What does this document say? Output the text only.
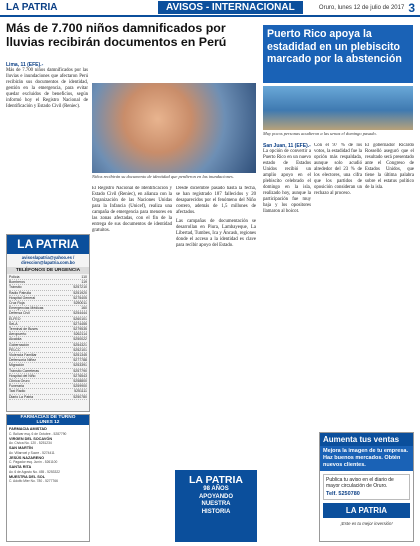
LA PATRIA	AVISOS - INTERNACIONAL	Oruro, lunes 12 de julio de 2017 3
Más de 7.700 niños damnificados por lluvias recibirán documentos en Perú
Lima, 11 (EFE).-

Más de 7.700 niños damnificados por las lluvias e inundaciones que afectaron Perú recibirán sus documentos de identidad, gestión en la emergencia, para evitar quedar excluidos de beneficios, según informó hoy el Registro Nacional de Identificación y Estado Civil (Reniec).

Niños recibirán su documento de identidad que perdieron en las inundaciones.

El Registro Nacional de Identificación y Estado Civil (Reniec), en alianza con la Organización de las Naciones Unidas para la Infancia (Unicef), realiza una campaña de emergencia para menores en las zonas afectadas, con el fin de la entrega de sus documentos de identidad gratuitos.

Desde diciembre pasado hasta la fecha, se han registrado 187 fallecidos y 20 desaparecidos por el fenómeno del Niño costero, además de 1,5 millones de afectados.

Las campañas de documentación se desarrollan en Piura, Lambayeque, La Libertad, Tumbes, Ica y Áncash, regiones donde el acceso a la identidad es clave para recibir apoyo del Estado.

Puerto Rico apoya la estadidad en un plebiscito marcado por la abstención

Muy pocos personas acudieron a las urnas el domingo pasado.

San Juan, 11 (EFE).-

La opción de convertir a Puerto Rico en un nuevo estado de Estados Unidos recibió un amplio apoyo en el plebiscito celebrado el domingo en la isla, realizado hoy, aunque la participación fue muy baja y los opositores llamaron al boicot.

Con el 97 % de los votos, la estadidad fue la opción más respaldada, aunque solo acudió alrededor del 23 % de los electores, una cifra que los partidos de oposición consideran un rechazo al proceso.

El gobernador Ricardo Rosselló aseguró que el resultado será presentado ante el Congreso de Estados Unidos, que tiene la última palabra sobre el estatus político de la isla.

LA PATRIA
avisoslapatria@yahoo.es / direccion@lapatria.com.bo
TELÉFONOS DE URGENCIA
Policía	110
Bomberos	119
Tránsito	5257210
Radio Patrulla	5251920
Hospital General	5275405
Cruz Roja	5250011
Emergencias Médicas	160
Defensa Civil	5254444
ELFEO	5260101
SeLA	5274455
Terminal de Buses	5279535
Aeropuerto	5262114
Alcaldía	5250022
Gobernación	5254321
FELCC	5252101
Violencia Familiar	5251345
Defensoría Niñez	5277788
Migración	5253391
Tránsito Carreteras	5257790
Hospital del Niño	5276543
Clínica Oruro	5258800
Funeraria	5259900
Taxi Radio	5251111
Diario La Patria	5250780
FARMACIAS DE TURNO
LUNES 12
FARMACIA AMISTAD
C. Bolívar esq. 6 de Octubre - 5287790
VIRGEN DEL SOCAVÓN
Av. Cívica No. 120 - 5251234
SAN MARTÍN
Av. Villarroel y Sucre - 5274411
JESÚS NAZARENO
C. Pagador esq. Junín - 5261100
SANTA RITA
Av. 6 de Agosto No. 455 - 5253322
MUESTRA DEL SOL
C. Adolfo Mier No. 780 - 5277766	LA PATRIA
98 AÑOS
APOYANDO
NUESTRA
HISTORIA
Aumenta tus ventas
Mejora la imagen de tu empresa. Haz buenos mercados. Obtén nuevos clientes.
Publica tu aviso en el diario de mayor circulación de Oruro.
Telf. 5250780
LA PATRIA
¡Este es tu mejor inversión!
